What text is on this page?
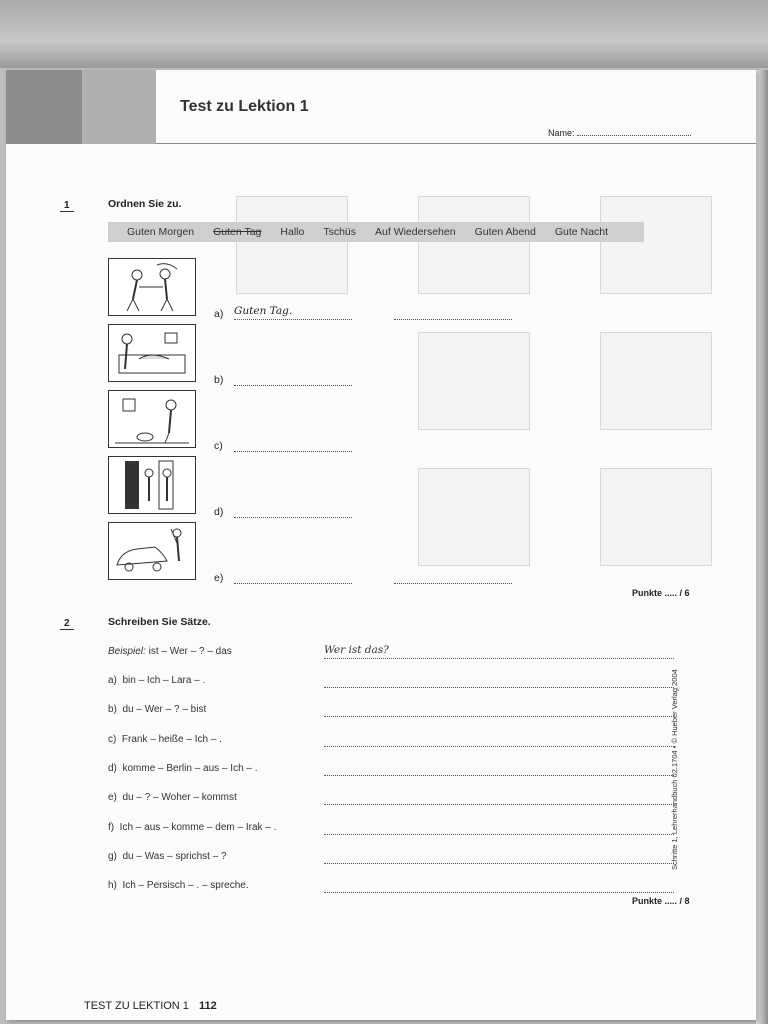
Test zu Lektion 1
Name:
1	Ordnen Sie zu.
Guten Morgen Guten Tag Hallo Tschüs Auf Wiedersehen Guten Abend Gute Nacht
a) Guten Tag.
b)
c)
d)
e)
Punkte ..... / 6
2	Schreiben Sie Sätze.
Beispiel: ist – Wer – ? – das	Wer ist das?
a) bin – Ich – Lara – .
b) du – Wer – ? – bist
c) Frank – heiße – Ich – .
d) komme – Berlin – aus – Ich – .
e) du – ? – Woher – kommst
f) Ich – aus – komme – dem – Irak – .
g) du – Was – sprichst – ?
h) Ich – Persisch – . – spreche.
Punkte ..... / 8
Schritte 1, Lehrerhandbuch 02.1704 • © Hueber Verlag 2004
TEST ZU LEKTION 1 112
